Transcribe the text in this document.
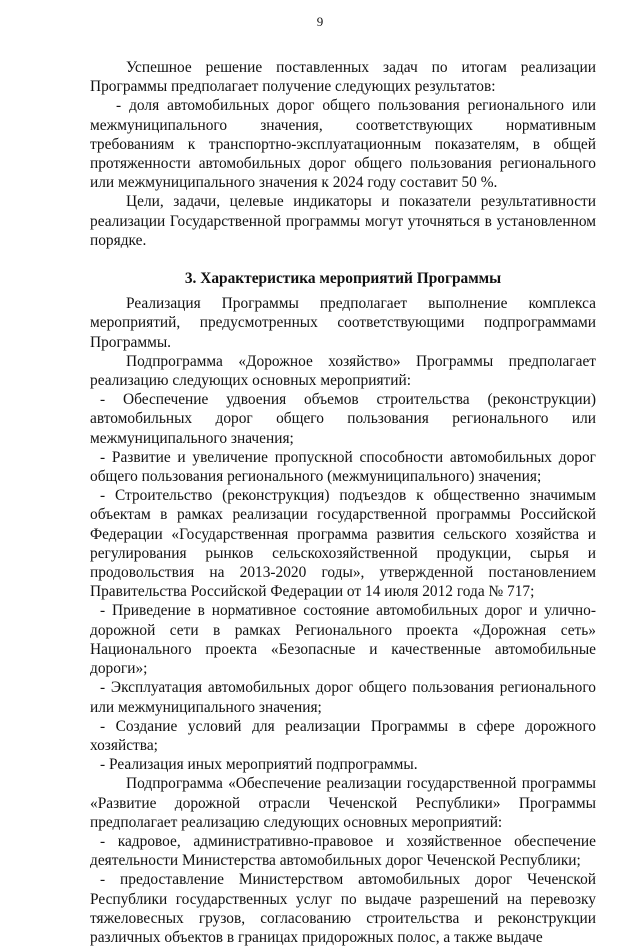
9

Успешное решение поставленных задач по итогам реализации Программы предполагает получение следующих результатов:

- доля автомобильных дорог общего пользования регионального или межмуниципального значения, соответствующих нормативным требованиям к транспортно-эксплуатационным показателям, в общей протяженности автомобильных дорог общего пользования регионального или межмуниципального значения к 2024 году составит 50 %.

Цели, задачи, целевые индикаторы и показатели результативности реализации Государственной программы могут уточняться в установленном порядке.

3. Характеристика мероприятий Программы

Реализация Программы предполагает выполнение комплекса мероприятий, предусмотренных соответствующими подпрограммами Программы.

Подпрограмма «Дорожное хозяйство» Программы предполагает реализацию следующих основных мероприятий:

- Обеспечение удвоения объемов строительства (реконструкции) автомобильных дорог общего пользования регионального или межмуниципального значения;

- Развитие и увеличение пропускной способности автомобильных дорог общего пользования регионального (межмуниципального) значения;

- Строительство (реконструкция) подъездов к общественно значимым объектам в рамках реализации государственной программы Российской Федерации «Государственная программа развития сельского хозяйства и регулирования рынков сельскохозяйственной продукции, сырья и продовольствия на 2013-2020 годы», утвержденной постановлением Правительства Российской Федерации от 14 июля 2012 года № 717;

- Приведение в нормативное состояние автомобильных дорог и улично-дорожной сети в рамках Регионального проекта «Дорожная сеть» Национального проекта «Безопасные и качественные автомобильные дороги»;

- Эксплуатация автомобильных дорог общего пользования регионального или межмуниципального значения;

- Создание условий для реализации Программы в сфере дорожного хозяйства;

- Реализация иных мероприятий подпрограммы.

Подпрограмма «Обеспечение реализации государственной программы «Развитие дорожной отрасли Чеченской Республики» Программы предполагает реализацию следующих основных мероприятий:

- кадровое, административно-правовое и хозяйственное обеспечение деятельности Министерства автомобильных дорог Чеченской Республики;

- предоставление Министерством автомобильных дорог Чеченской Республики государственных услуг по выдаче разрешений на перевозку тяжеловесных грузов, согласованию строительства и реконструкции различных объектов в границах придорожных полос, а также выдаче
